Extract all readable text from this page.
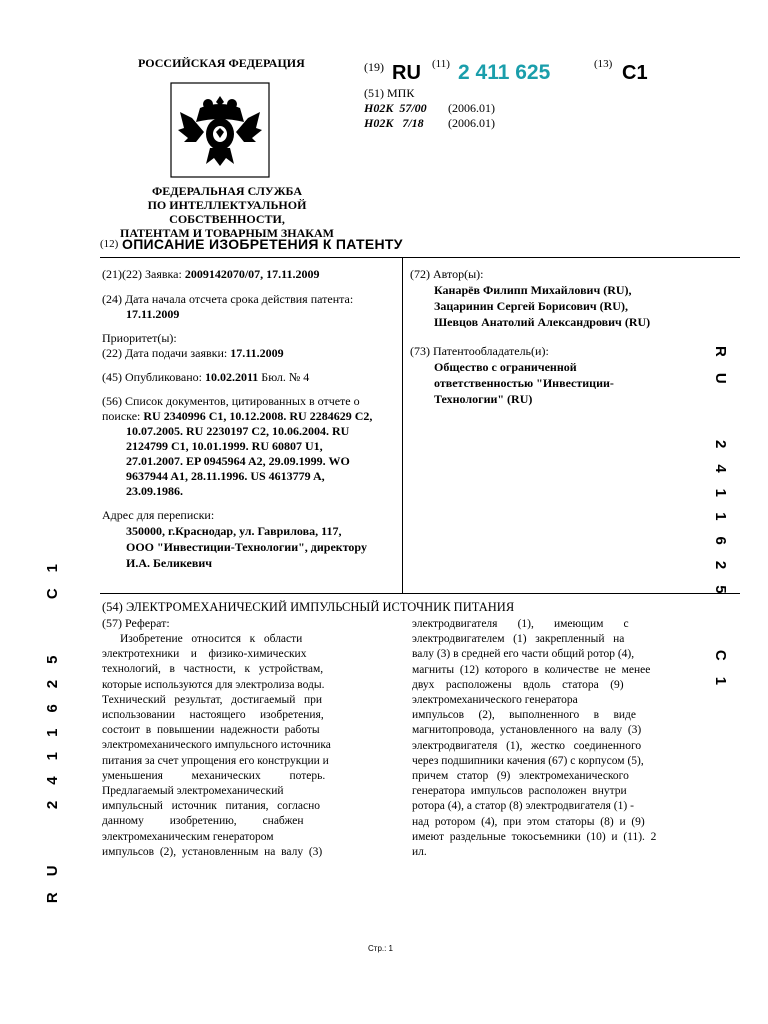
РОССИЙСКАЯ ФЕДЕРАЦИЯ
ФЕДЕРАЛЬНАЯ СЛУЖБА
ПО ИНТЕЛЛЕКТУАЛЬНОЙ СОБСТВЕННОСТИ,
ПАТЕНТАМ И ТОВАРНЫМ ЗНАКАМ
(19) RU (11) 2 411 625	(13) C1
(51) МПК
H02K  57/00 (2006.01)
H02K   7/18 (2006.01)
(12) ОПИСАНИЕ ИЗОБРЕТЕНИЯ К ПАТЕНТУ

(21)(22) Заявка: 2009142070/07, 17.11.2009

(24) Дата начала отсчета срока действия патента:

17.11.2009

Приоритет(ы):

(22) Дата подачи заявки: 17.11.2009

(45) Опубликовано: 10.02.2011 Бюл. № 4

(56) Список документов, цитированных в отчете о

поиске: RU 2340996 C1, 10.12.2008. RU 2284629 C2,

10.07.2005. RU 2230197 C2, 10.06.2004. RU

2124799 C1, 10.01.1999. RU 60807 U1,

27.01.2007. EP 0945964 A2, 29.09.1999. WO

9637944 A1, 28.11.1996. US 4613779 A,

23.09.1986.

Адрес для переписки:

350000, г.Краснодар, ул. Гаврилова, 117,

ООО "Инвестиции-Технологии", директору

И.А. Беликевич

(72) Автор(ы):

Канарёв Филипп Михайлович (RU),

Зацаринин Сергей Борисович (RU),

Шевцов Анатолий Александрович (RU)

(73) Патентообладатель(и):

Общество с ограниченной

ответственностью "Инвестиции-

Технологии" (RU)

(54) ЭЛЕКТРОМЕХАНИЧЕСКИЙ ИМПУЛЬСНЫЙ ИСТОЧНИК ПИТАНИЯ
(57) Реферат:
Изобретение   относится   к   области
электротехники    и    физико-химических
технологий,   в   частности,   к   устройствам,
которые используются для электролиза воды.
Технический   результат,   достигаемый   при
использовании     настоящего     изобретения,
состоит  в  повышении  надежности  работы
электромеханического импульсного источника
питания за счет упрощения его конструкции и
уменьшения          механических          потерь.
Предлагаемый электромеханический
импульсный   источник   питания,   согласно
данному         изобретению,         снабжен
электромеханическим генератором
импульсов  (2),  установленным  на  валу  (3)
электродвигателя       (1),       имеющим       с
электродвигателем   (1)   закрепленный   на
валу (3) в средней его части общий ротор (4),
магниты  (12)  которого  в  количестве  не  менее
двух    расположены    вдоль    статора    (9)
электромеханического генератора
импульсов     (2),     выполненного     в     виде
магнитопровода,  установленного  на  валу  (3)
электродвигателя   (1),   жестко   соединенного
через подшипники качения (67) с корпусом (5),
причем   статор   (9)   электромеханического
генератора  импульсов  расположен  внутри
ротора (4), а статор (8) электродвигателя (1) -
над  ротором  (4),  при  этом  статоры  (8)  и  (9)
имеют  раздельные  токосъемники  (10)  и  (11).  2
ил.
RU  2411625  C1
RU  2411625  C1
Стр.: 1
